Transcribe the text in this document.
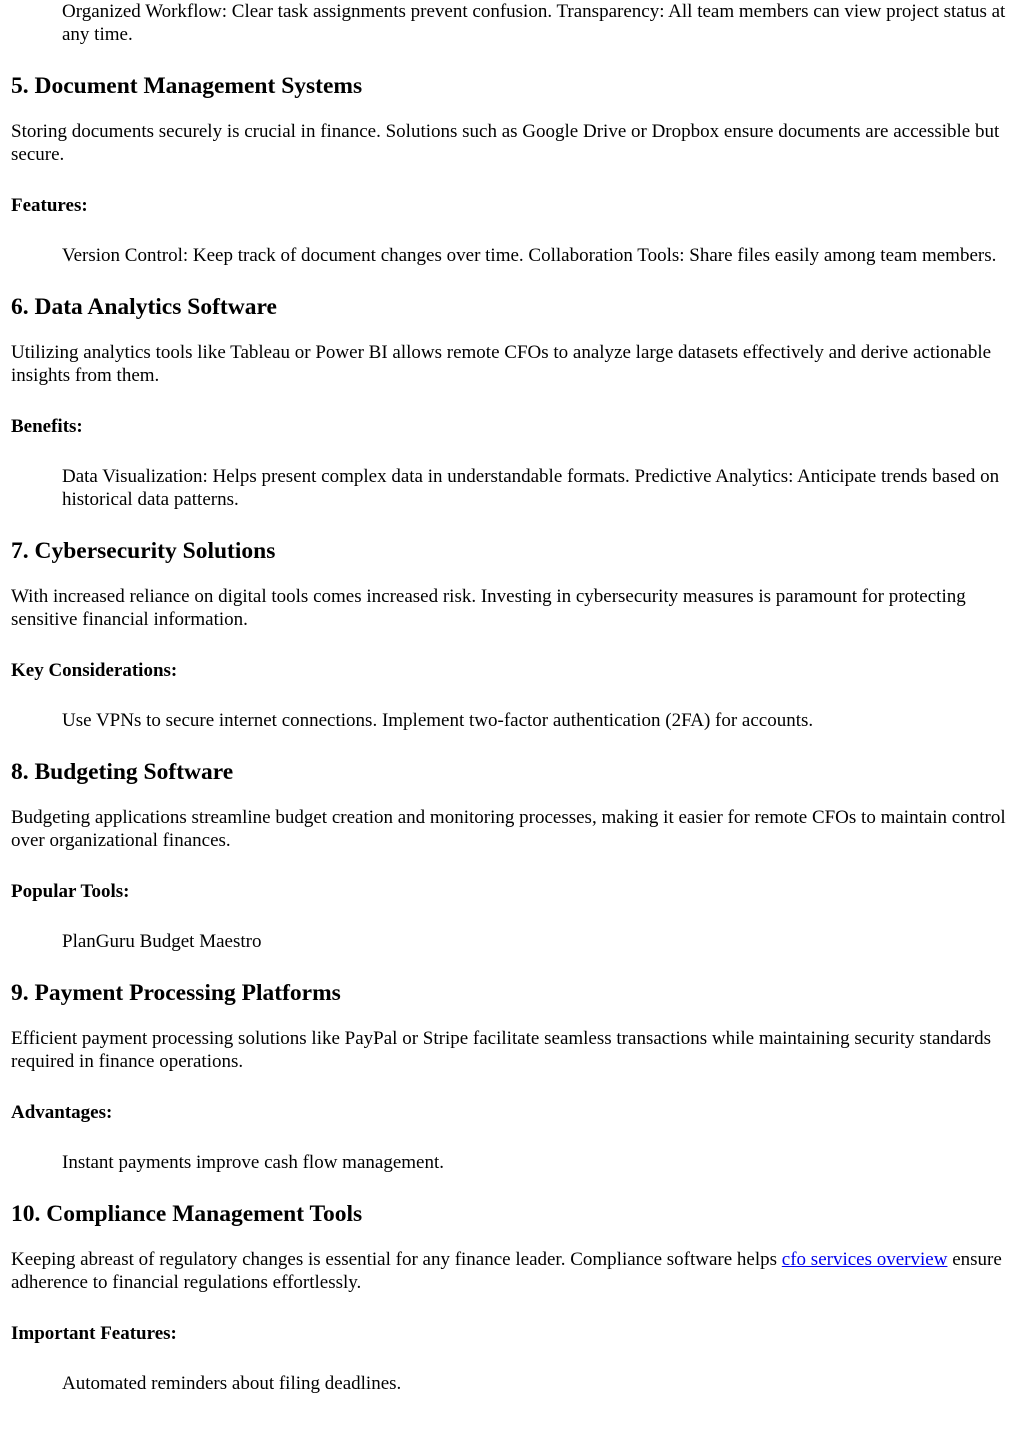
Organized Workflow: Clear task assignments prevent confusion. Transparency: All team members can view project status at any time.
5. Document Management Systems

Storing documents securely is crucial in finance. Solutions such as Google Drive or Dropbox ensure documents are accessible but secure.

Features:

Version Control: Keep track of document changes over time. Collaboration Tools: Share files easily among team members.
6. Data Analytics Software

Utilizing analytics tools like Tableau or Power BI allows remote CFOs to analyze large datasets effectively and derive actionable insights from them.

Benefits:

Data Visualization: Helps present complex data in understandable formats. Predictive Analytics: Anticipate trends based on historical data patterns.
7. Cybersecurity Solutions

With increased reliance on digital tools comes increased risk. Investing in cybersecurity measures is paramount for protecting sensitive financial information.

Key Considerations:

Use VPNs to secure internet connections. Implement two-factor authentication (2FA) for accounts.
8. Budgeting Software

Budgeting applications streamline budget creation and monitoring processes, making it easier for remote CFOs to maintain control over organizational finances.

Popular Tools:

PlanGuru Budget Maestro
9. Payment Processing Platforms

Efficient payment processing solutions like PayPal or Stripe facilitate seamless transactions while maintaining security standards required in finance operations.

Advantages:

Instant payments improve cash flow management.
10. Compliance Management Tools

Keeping abreast of regulatory changes is essential for any finance leader. Compliance software helps cfo services overview ensure adherence to financial regulations effortlessly.

Important Features:

Automated reminders about filing deadlines.
